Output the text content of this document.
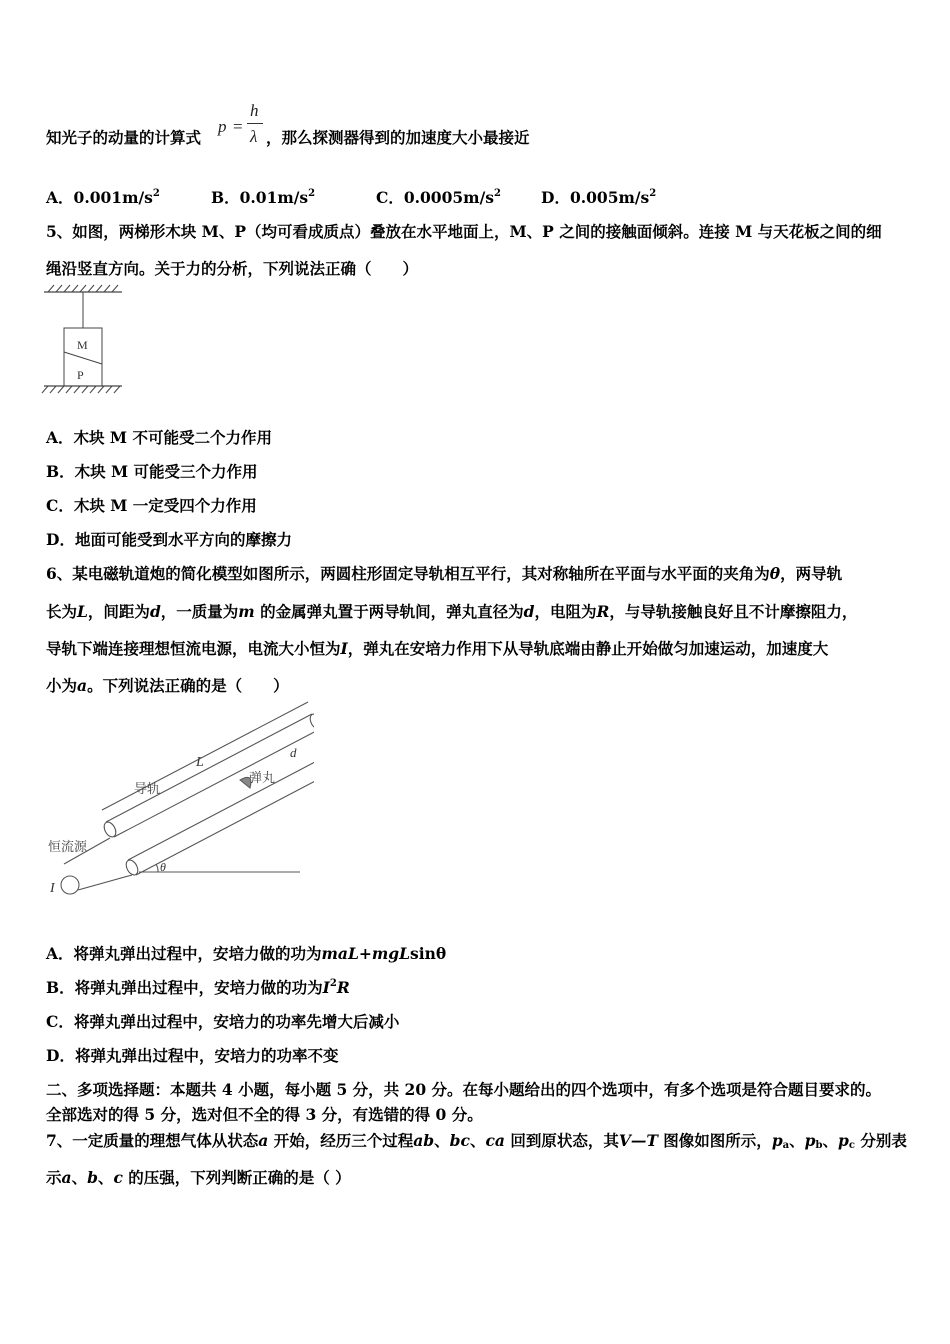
知光子的动量的计算式
p =
h
λ ，那么探测器得到的加速度大小最接近
A．$0.001m/s^2$	B．$0.01m/s^2$	C．$0.0005m/s^2$	D．$0.005m/s^2$
5、如图，两梯形木块 M、P（均可看成质点）叠放在水平地面上，M、P 之间的接触面倾斜。连接 M 与天花板之间的细
绳沿竖直方向。关于力的分析，下列说法正确（　　）
M
P
A．木块 M 不可能受二个力作用
B．木块 M 可能受三个力作用
C．木块 M 一定受四个力作用
D．地面可能受到水平方向的摩擦力
6、某电磁轨道炮的简化模型如图所示，两圆柱形固定导轨相互平行，其对称轴所在平面与水平面的夹角为θ，两导轨
长为L，间距为d，一质量为m 的金属弹丸置于两导轨间，弹丸直径为d，电阻为R，与导轨接触良好且不计摩擦阻力，
导轨下端连接理想恒流电源，电流大小恒为I，弹丸在安培力作用下从导轨底端由静止开始做匀加速运动，加速度大
小为a。下列说法正确的是（　　）
L
d
导轨
弹丸
恒流源
θ
I
A．将弹丸弹出过程中，安培力做的功为maL+mgLsinθ
B．将弹丸弹出过程中，安培力做的功为$I^2R$
C．将弹丸弹出过程中，安培力的功率先增大后减小
D．将弹丸弹出过程中，安培力的功率不变
二、多项选择题：本题共 4 小题，每小题 5 分，共 20 分。在每小题给出的四个选项中，有多个选项是符合题目要求的。
全部选对的得 5 分，选对但不全的得 3 分，有选错的得 0 分。
7、一定质量的理想气体从状态a 开始，经历三个过程ab、bc、ca 回到原状态，其V—T 图像如图所示，$p_a$、$p_b$、$p_c$ 分别表
示a、b、c 的压强，下列判断正确的是（ ）
